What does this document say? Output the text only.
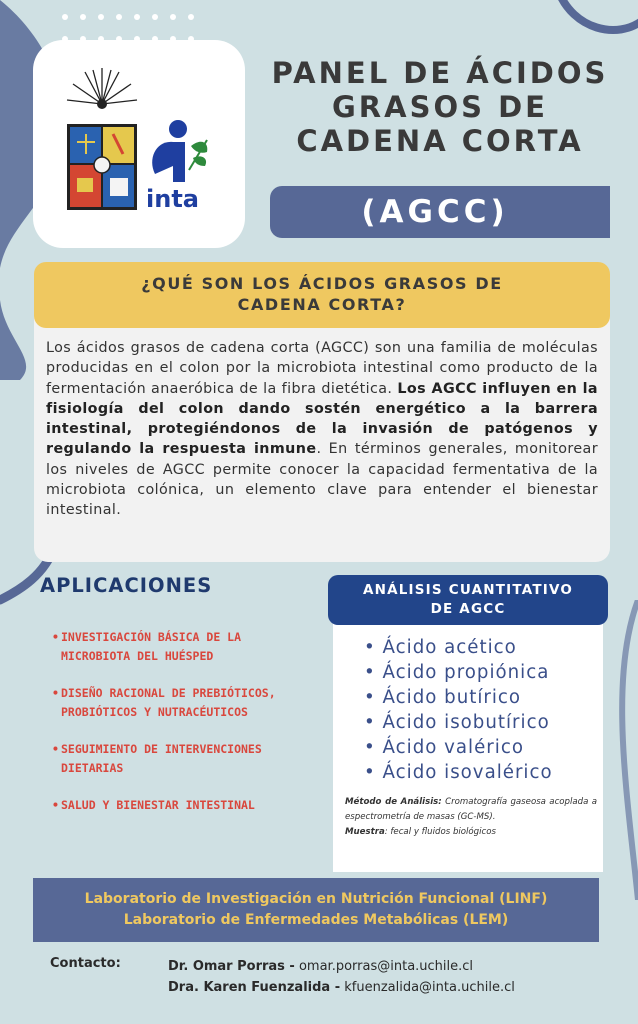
inta
PANEL DE ÁCIDOS
GRASOS DE
CADENA CORTA
(AGCC)
¿QUÉ SON LOS ÁCIDOS GRASOS DE
CADENA CORTA?

Los ácidos grasos de cadena corta (AGCC) son una familia de moléculas producidas en el colon por la microbiota intestinal como producto de la fermentación anaeróbica de la fibra dietética. Los AGCC influyen en la fisiología del colon dando sostén energético a la barrera intestinal, protegiéndonos de la invasión de patógenos y regulando la respuesta inmune. En términos generales, monitorear los niveles de AGCC permite conocer la capacidad fermentativa de la microbiota colónica, un elemento clave para entender el bienestar intestinal.

APLICACIONES
• INVESTIGACIÓN BÁSICA DE LA MICROBIOTA DEL HUÉSPED
• DISEÑO RACIONAL DE PREBIÓTICOS, PROBIÓTICOS Y NUTRACÉUTICOS
• SEGUIMIENTO DE INTERVENCIONES DIETARIAS
• SALUD Y BIENESTAR INTESTINAL
ANÁLISIS CUANTITATIVO
DE AGCC
• Ácido acético
• Ácido propiónica
• Ácido butírico
• Ácido isobutírico
• Ácido valérico
• Ácido isovalérico

Método de Análisis: Cromatografía gaseosa acoplada a espectrometría de masas (GC-MS).
Muestra: fecal y fluidos biológicos

Laboratorio de Investigación en Nutrición Funcional (LINF)
Laboratorio de Enfermedades Metabólicas (LEM)
Contacto:	Dr. Omar Porras - omar.porras@inta.uchile.cl
Dra. Karen Fuenzalida - kfuenzalida@inta.uchile.cl
